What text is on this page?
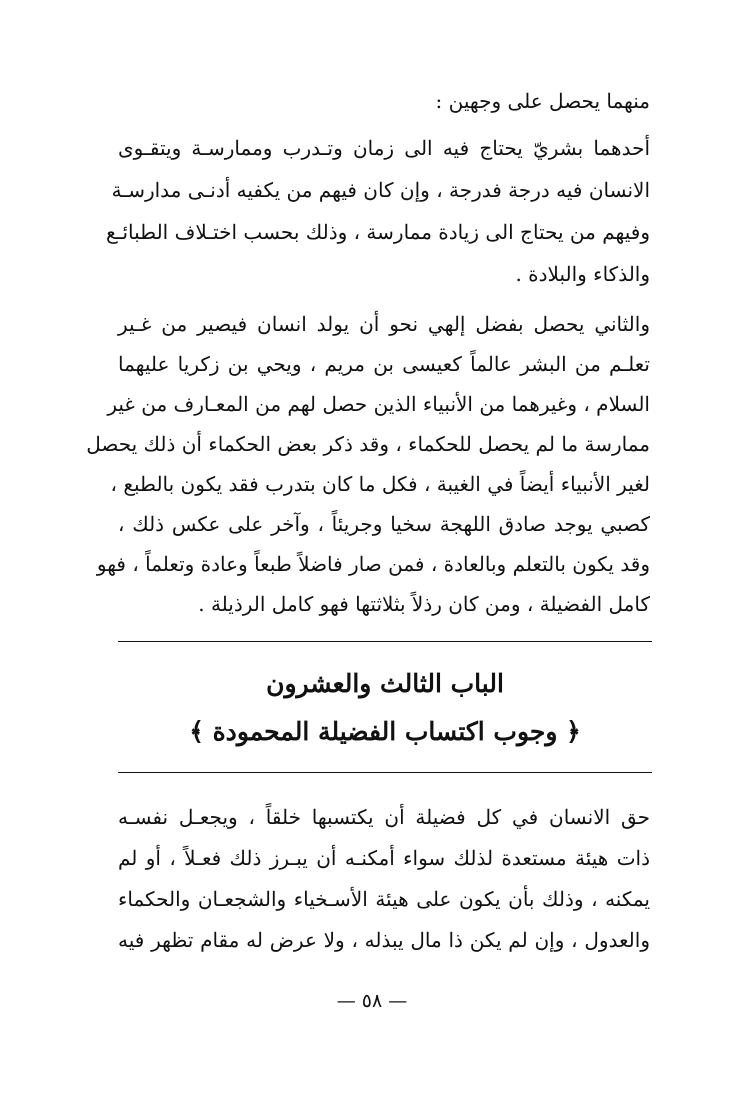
منهما يحصل على وجهين :
أحدهما بشريّ يحتاج فيه الى زمان وتـدرب وممارسـة ويتقـوى
الانسان فيه درجة فدرجة ، وإن كان فيهم من يكفيه أدنـى مدارسـة
وفيهم من يحتاج الى زيادة ممارسة ، وذلك بحسب اختـلاف الطبائـع
والذكاء والبلادة .
والثاني يحصل بفضل إلهي نحو أن يولد انسان فيصير من غـير
تعلـم من البشر عالماً كعيسى بن مريم ، ويحي بن زكريا عليهما
السلام ، وغيرهما من الأنبياء الذين حصل لهم من المعـارف من غير
ممارسة ما لم يحصل للحكماء ، وقد ذكر بعض الحكماء أن ذلك يحصل
لغير الأنبياء أيضاً في الغيبة ، فكل ما كان بتدرب فقد يكون بالطبع ،
كصبي يوجد صادق اللهجة سخيا وجريئاً ، وآخر على عكس ذلك ،
وقد يكون بالتعلم وبالعادة ، فمن صار فاضلاً طبعاً وعادة وتعلماً ، فهو
كامل الفضيلة ، ومن كان رذلاً بثلاثتها فهو كامل الرذيلة .
الباب الثالث والعشرون
﴿ وجوب اكتساب الفضيلة المحمودة ﴾
حق الانسان في كل فضيلة أن يكتسبها خلقاً ، ويجعـل نفسـه
ذات هيئة مستعدة لذلك سواء أمكنـه أن يبـرز ذلك فعـلاً ، أو لم
يمكنه ، وذلك بأن يكون على هيئة الأسـخياء والشجعـان والحكماء
والعدول ، وإن لم يكن ذا مال يبذله ، ولا عرض له مقام تظهر فيه
— ٥٨ —
